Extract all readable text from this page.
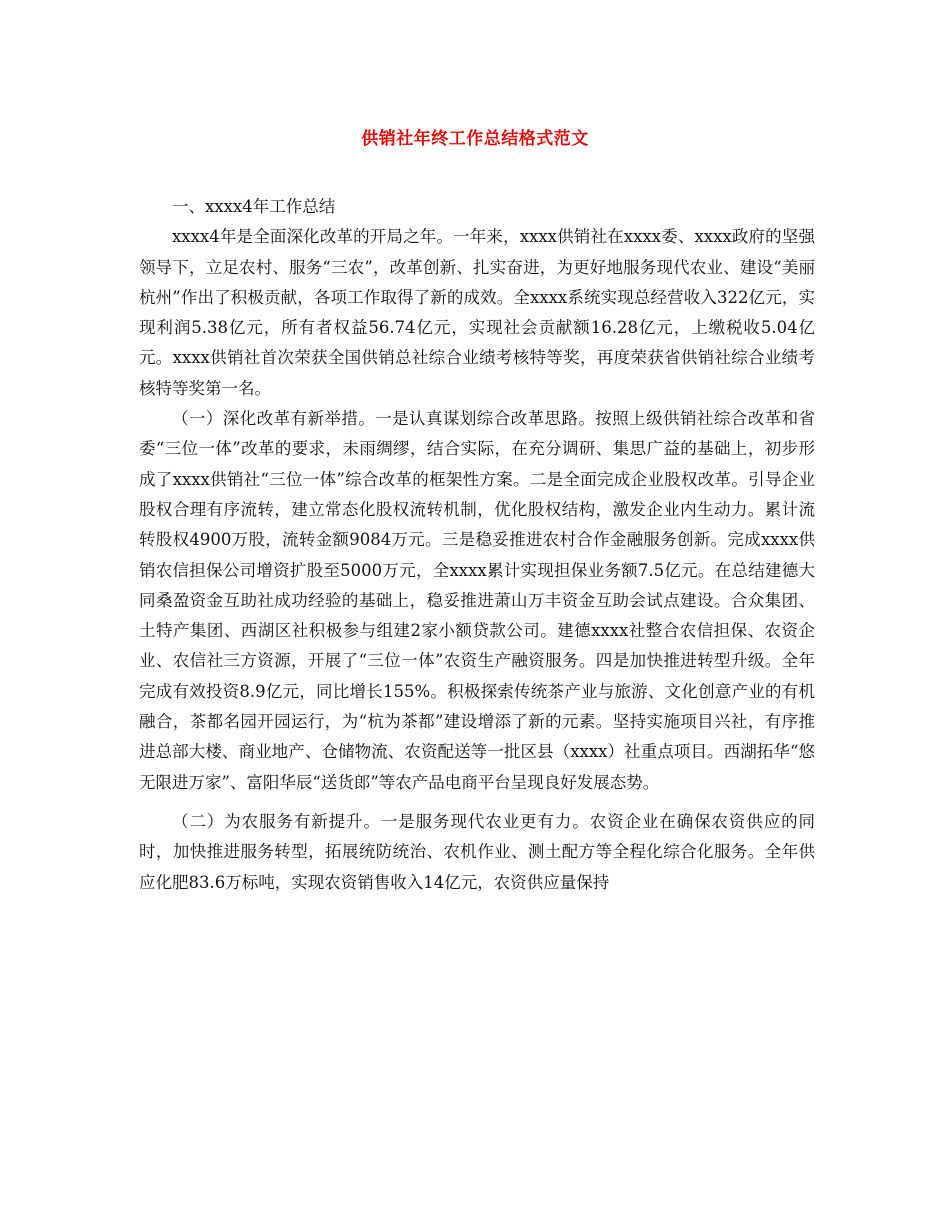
供销社年终工作总结格式范文

一、xxxx4年工作总结

xxxx4年是全面深化改革的开局之年。一年来，xxxx供销社在xxxx委、xxxx政府的坚强领导下，立足农村、服务“三农”，改革创新、扎实奋进，为更好地服务现代农业、建设“美丽杭州”作出了积极贡献，各项工作取得了新的成效。全xxxx系统实现总经营收入322亿元，实现利润5.38亿元，所有者权益56.74亿元，实现社会贡献额16.28亿元，上缴税收5.04亿元。xxxx供销社首次荣获全国供销总社综合业绩考核特等奖，再度荣获省供销社综合业绩考核特等奖第一名。

（一）深化改革有新举措。一是认真谋划综合改革思路。按照上级供销社综合改革和省委“三位一体”改革的要求，未雨绸缪，结合实际，在充分调研、集思广益的基础上，初步形成了xxxx供销社“三位一体”综合改革的框架性方案。二是全面完成企业股权改革。引导企业股权合理有序流转，建立常态化股权流转机制，优化股权结构，激发企业内生动力。累计流转股权4900万股，流转金额9084万元。三是稳妥推进农村合作金融服务创新。完成xxxx供销农信担保公司增资扩股至5000万元，全xxxx累计实现担保业务额7.5亿元。在总结建德大同桑盈资金互助社成功经验的基础上，稳妥推进萧山万丰资金互助会试点建设。合众集团、土特产集团、西湖区社积极参与组建2家小额贷款公司。建德xxxx社整合农信担保、农资企业、农信社三方资源，开展了“三位一体”农资生产融资服务。四是加快推进转型升级。全年完成有效投资8.9亿元，同比增长155%。积极探索传统茶产业与旅游、文化创意产业的有机融合，茶都名园开园运行，为“杭为茶都”建设增添了新的元素。坚持实施项目兴社，有序推进总部大楼、商业地产、仓储物流、农资配送等一批区县（xxxx）社重点项目。西湖拓华“悠无限进万家”、富阳华辰“送货郎”等农产品电商平台呈现良好发展态势。

（二）为农服务有新提升。一是服务现代农业更有力。农资企业在确保农资供应的同时，加快推进服务转型，拓展统防统治、农机作业、测土配方等全程化综合化服务。全年供应化肥83.6万标吨，实现农资销售收入14亿元，农资供应量保持
